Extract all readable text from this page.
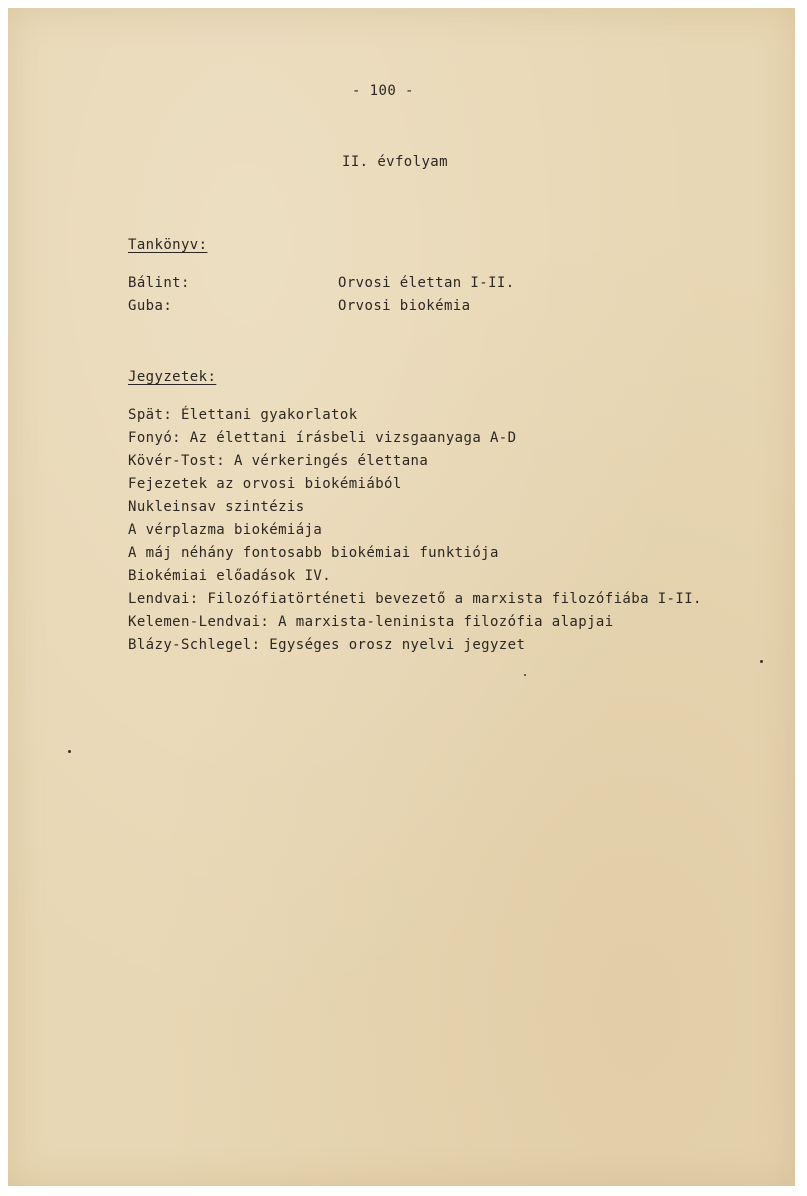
- 100 -
II. évfolyam
Tankönyv:
Bálint:	Orvosi élettan I-II.
Guba:	Orvosi biokémia
Jegyzetek:
Spät: Élettani gyakorlatok
Fonyó: Az élettani írásbeli vizsgaanyaga A-D
Kövér-Tost: A vérkeringés élettana
Fejezetek az orvosi biokémiából
Nukleinsav szintézis
A vérplazma biokémiája
A máj néhány fontosabb biokémiai funktiója
Biokémiai előadások IV.
Lendvai: Filozófiatörténeti bevezető a marxista filozófiába I-II.
Kelemen-Lendvai: A marxista-leninista filozófia alapjai
Blázy-Schlegel: Egységes orosz nyelvi jegyzet
